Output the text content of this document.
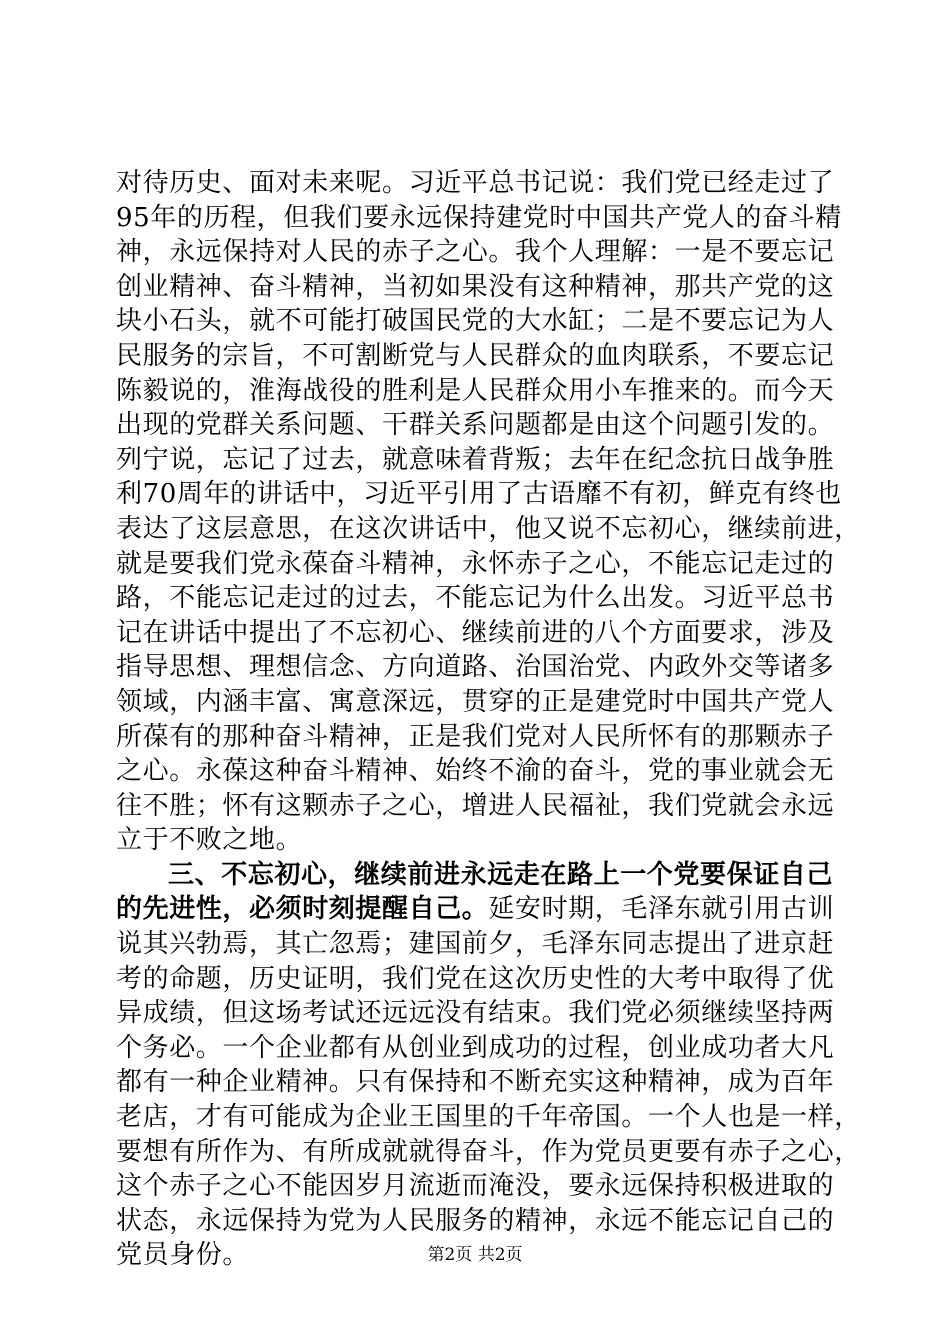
对待历史、面对未来呢。习近平总书记说：我们党已经走过了
95年的历程，但我们要永远保持建党时中国共产党人的奋斗精
神，永远保持对人民的赤子之心。我个人理解：一是不要忘记
创业精神、奋斗精神，当初如果没有这种精神，那共产党的这
块小石头，就不可能打破国民党的大水缸；二是不要忘记为人
民服务的宗旨，不可割断党与人民群众的血肉联系，不要忘记
陈毅说的，淮海战役的胜利是人民群众用小车推来的。而今天
出现的党群关系问题、干群关系问题都是由这个问题引发的。
列宁说，忘记了过去，就意味着背叛；去年在纪念抗日战争胜
利70周年的讲话中，习近平引用了古语靡不有初，鲜克有终也
表达了这层意思，在这次讲话中，他又说不忘初心，继续前进，
就是要我们党永葆奋斗精神，永怀赤子之心，不能忘记走过的
路，不能忘记走过的过去，不能忘记为什么出发。习近平总书
记在讲话中提出了不忘初心、继续前进的八个方面要求，涉及
指导思想、理想信念、方向道路、治国治党、内政外交等诸多
领域，内涵丰富、寓意深远，贯穿的正是建党时中国共产党人
所葆有的那种奋斗精神，正是我们党对人民所怀有的那颗赤子
之心。永葆这种奋斗精神、始终不渝的奋斗，党的事业就会无
往不胜；怀有这颗赤子之心，增进人民福祉，我们党就会永远
立于不败之地。
三、不忘初心，继续前进永远走在路上一个党要保证自己
的先进性，必须时刻提醒自己。延安时期，毛泽东就引用古训
说其兴勃焉，其亡忽焉；建国前夕，毛泽东同志提出了进京赶
考的命题，历史证明，我们党在这次历史性的大考中取得了优
异成绩，但这场考试还远远没有结束。我们党必须继续坚持两
个务必。一个企业都有从创业到成功的过程，创业成功者大凡
都有一种企业精神。只有保持和不断充实这种精神，成为百年
老店，才有可能成为企业王国里的千年帝国。一个人也是一样，
要想有所作为、有所成就就得奋斗，作为党员更要有赤子之心，
这个赤子之心不能因岁月流逝而淹没，要永远保持积极进取的
状态，永远保持为党为人民服务的精神，永远不能忘记自己的
党员身份。	第2页 共2页
